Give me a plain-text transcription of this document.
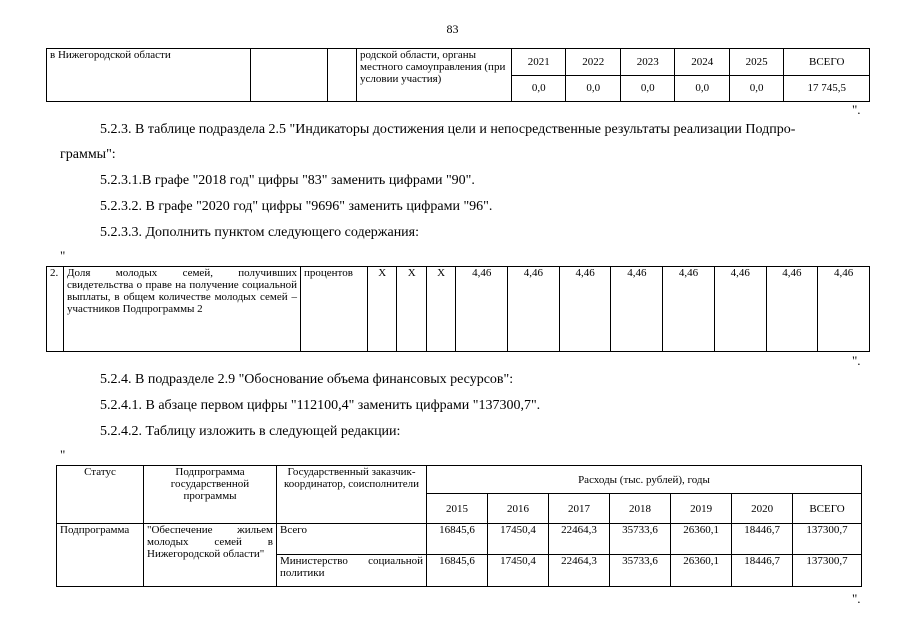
83
в Нижегородской области			родской области, органы местного самоуправления (при условии участия)	2021	2022	2023	2024	2025	ВСЕГО
				0,0	0,0	0,0	0,0	0,0	17 745,5
".
5.2.3. В таблице подраздела 2.5 "Индикаторы достижения цели и непосредственные результаты реализации Подпро-
граммы":
5.2.3.1.В графе "2018 год" цифры "83" заменить цифрами "90".
5.2.3.2. В графе "2020 год" цифры "9696" заменить цифрами "96".
5.2.3.3. Дополнить пунктом следующего содержания:
"
2.	Доля молодых семей, получивших свидетельства о праве на получение социальной выплаты, в общем количестве молодых семей – участников Подпрограммы 2	процентов	X	X	X	4,46	4,46	4,46	4,46	4,46	4,46	4,46	4,46
".
5.2.4. В подразделе 2.9 "Обоснование объема финансовых ресурсов":
5.2.4.1. В абзаце первом цифры "112100,4" заменить цифрами "137300,7".
5.2.4.2. Таблицу изложить в следующей редакции:
"
Статус	Подпрограмма государственной программы	Государственный заказчик-координатор, соисполнители	Расходы (тыс. рублей), годы						
			2015	2016	2017	2018	2019	2020	ВСЕГО
Подпрограмма	"Обеспечение жильем молодых семей в Нижегородской области"	Всего	16845,6	17450,4	22464,3	35733,6	26360,1	18446,7	137300,7
		Министерство социальной политики	16845,6	17450,4	22464,3	35733,6	26360,1	18446,7	137300,7
".
